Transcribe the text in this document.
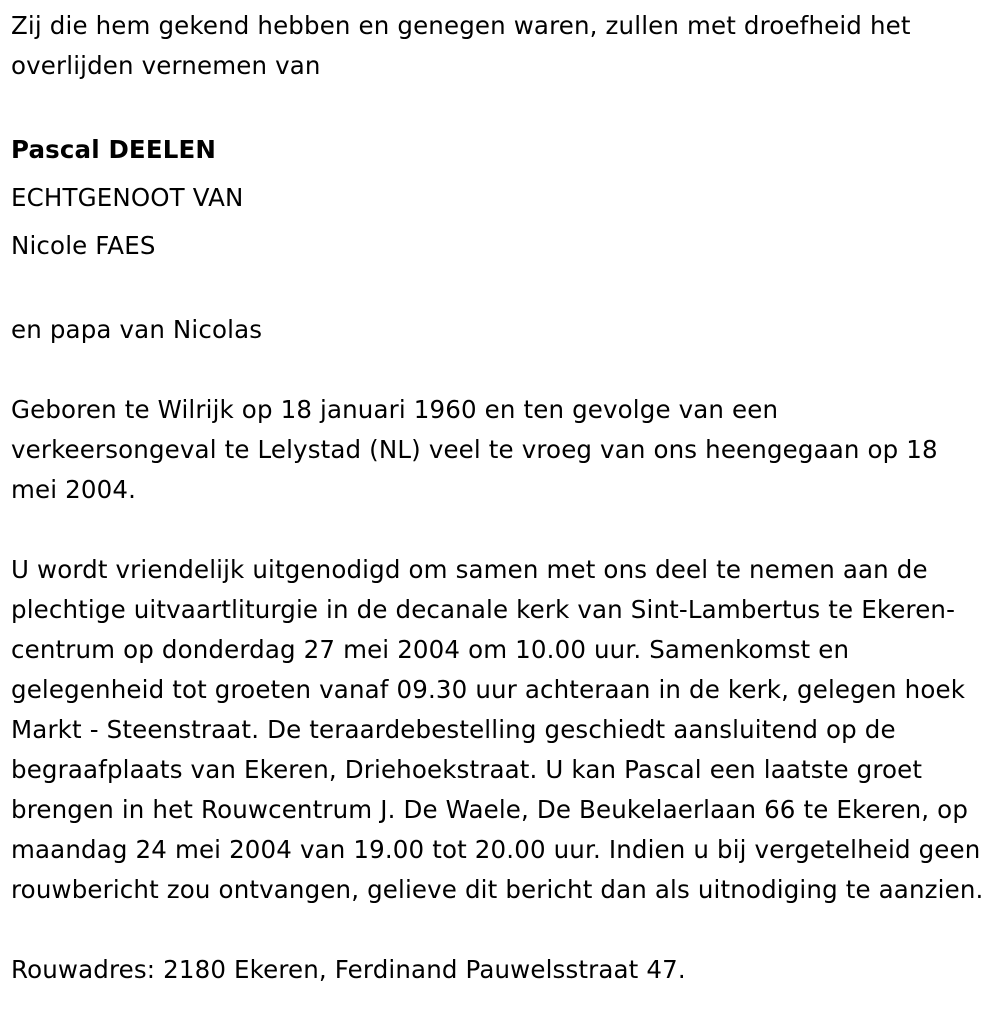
Zij die hem gekend hebben en genegen waren, zullen met droefheid het overlijden vernemen van

Pascal DEELEN

ECHTGENOOT VAN

Nicole FAES

en papa van Nicolas

Geboren te Wilrijk op 18 januari 1960 en ten gevolge van een verkeersongeval te Lelystad (NL) veel te vroeg van ons heengegaan op 18 mei 2004.

U wordt vriendelijk uitgenodigd om samen met ons deel te nemen aan de plechtige uitvaartliturgie in de decanale kerk van Sint-Lambertus te Ekeren-centrum op donderdag 27 mei 2004 om 10.00 uur. Samenkomst en gelegenheid tot groeten vanaf 09.30 uur achteraan in de kerk, gelegen hoek Markt - Steenstraat. De teraardebestelling geschiedt aansluitend op de begraafplaats van Ekeren, Driehoekstraat. U kan Pascal een laatste groet brengen in het Rouwcentrum J. De Waele, De Beukelaerlaan 66 te Ekeren, op maandag 24 mei 2004 van 19.00 tot 20.00 uur. Indien u bij vergetelheid geen rouwbericht zou ontvangen, gelieve dit bericht dan als uitnodiging te aanzien.

Rouwadres: 2180 Ekeren, Ferdinand Pauwelsstraat 47.
